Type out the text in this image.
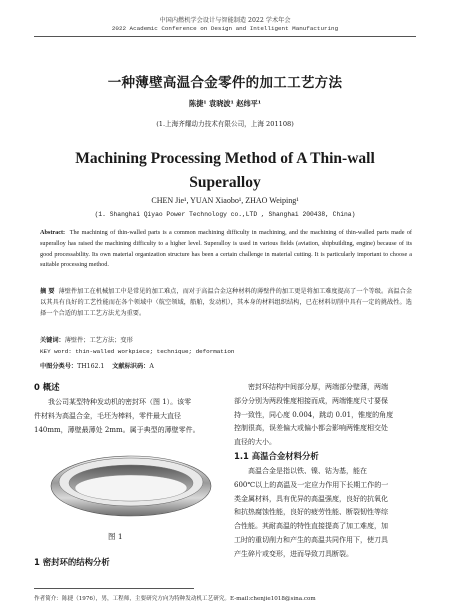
中国内燃机学会设计与智能制造 2022 学术年会
2022 Academic Conference on Design and Intelligent Manufacturing
一种薄壁高温合金零件的加工工艺方法
陈捷¹ 袁晓波¹ 赵纬平¹
(1.上海齐耀动力技术有限公司，上海 201108)
Machining Processing Method of A Thin-wall
Superalloy
CHEN Jie¹, YUAN Xiaobo¹, ZHAO Weiping¹
(1. Shanghai Qiyao Power Technology co.,LTD , Shanghai 200438, China)
Abstract: The machining of thin-walled parts is a common machining difficulty in machining, and the machining of thin-walled parts made of superalloy has raised the machining difficulty to a higher level. Superalloy is used in various fields (aviation, shipbuilding, engine) because of its good processability. Its own material organization structure has been a certain challenge in material cutting. It is particularly important to choose a suitable processing method.
摘 要 薄壁件加工在机械加工中是常见的加工难点，而对于高温合金这种材料的薄壁件的加工更是将加工难度提高了一个等级。高温合金以其具有良好的工艺性能而在各个领域中（航空领域，船舶，发动机），其本身的材料组织结构，已在材料切削中具有一定的挑战性。选择一个合适的加工工艺方法尤为重要。
关键词：薄壁件；工艺方法；变形
KEY word: thin-walled workpiece; technique; deformation
中图分类号：TH162.1 文献标识码：A
0 概述
我公司某型特种发动机的密封环（图 1）。该零
件材料为高温合金，毛坯为棒料，零件最大直径
140mm，薄壁最薄处 2mm。属于典型的薄壁零件。
图 1
1 密封环的结构分析
密封环结构中间部分厚，两端部分壁薄，两端
部分分别为两段锥度相接而成，两端锥度尺寸要保
持一致性，同心度 0.004，跳动 0.01，锥度的角度
控制很高，误差偏大或偏小都会影响两锥度相交处
直径的大小。
1.1 高温合金材料分析
高温合金是指以铁、镍、钴为基，能在
600℃以上的高温及一定应力作用下长期工作的一
类金属材料，具有优异的高温强度，良好的抗氧化
和抗热腐蚀性能，良好的疲劳性能、断裂韧性等综
合性能。其耐高温的特性直接提高了加工难度，加
工时的重切削力和产生的高温共同作用下，使刀具
产生碎片或变形，进而导致刀具断裂。
作者简介：陈捷（1976），男，工程师，主要研究方向为特种发动机工艺研究。E-mail:chenjie1018@sina.com
